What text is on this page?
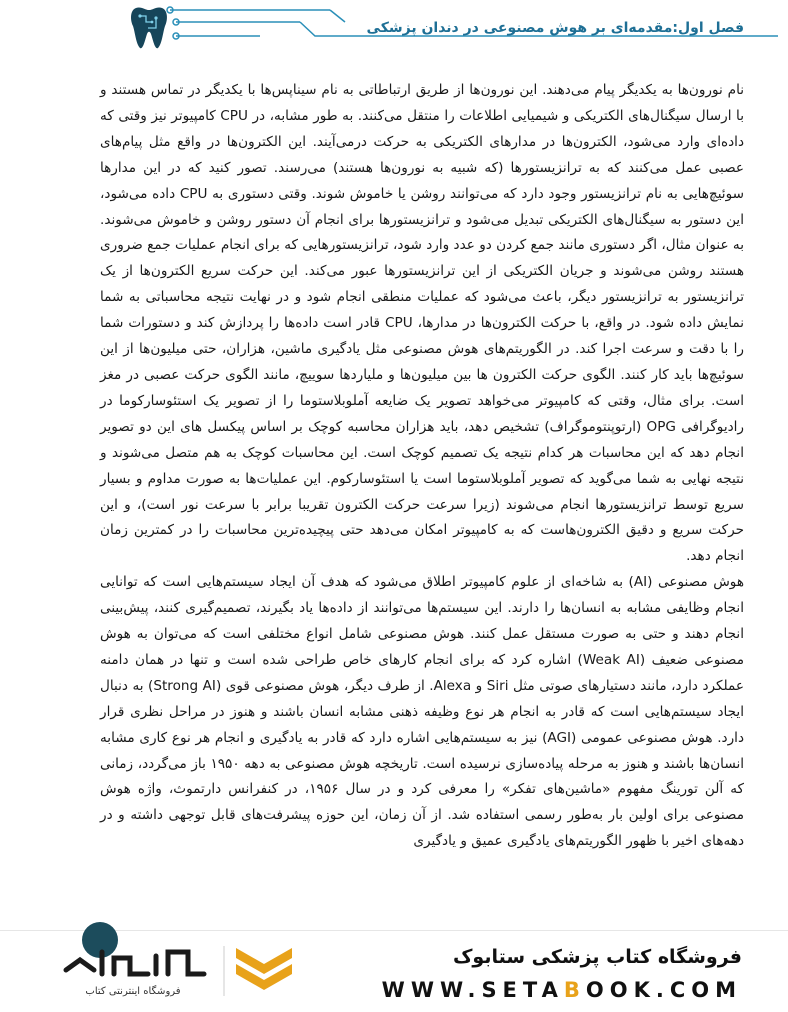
فصل اول:مقدمه‌ای بر هوش مصنوعی در دندان پزشکی

نام نورون‌ها به یکدیگر پیام می‌دهند. این نورون‌ها از طریق ارتباطاتی به نام سیناپس‌ها با یکدیگر در تماس هستند و با ارسال سیگنال‌های الکتریکی و شیمیایی اطلاعات را منتقل می‌کنند. به طور مشابه، در CPU کامپیوتر نیز وقتی که داده‌ای وارد می‌شود، الکترون‌ها در مدارهای الکتریکی به حرکت درمی‌آیند. این الکترون‌ها در واقع مثل پیام‌های عصبی عمل می‌کنند که به ترانزیستورها (که شبیه به نورون‌ها هستند) می‌رسند. تصور کنید که در این مدارها سوئیچ‌هایی به نام ترانزیستور وجود دارد که می‌توانند روشن یا خاموش شوند. وقتی دستوری به CPU داده می‌شود، این دستور به سیگنال‌های الکتریکی تبدیل می‌شود و ترانزیستورها برای انجام آن دستور روشن و خاموش می‌شوند. به عنوان مثال، اگر دستوری مانند جمع کردن دو عدد وارد شود، ترانزیستورهایی که برای انجام عملیات جمع ضروری هستند روشن می‌شوند و جریان الکتریکی از این ترانزیستورها عبور می‌کند. این حرکت سریع الکترون‌ها از یک ترانزیستور به ترانزیستور دیگر، باعث می‌شود که عملیات منطقی انجام شود و در نهایت نتیجه محاسباتی به شما نمایش داده شود. در واقع، با حرکت الکترون‌ها در مدارها، CPU قادر است داده‌ها را پردازش کند و دستورات شما را با دقت و سرعت اجرا کند. در الگوریتم‌های هوش مصنوعی مثل یادگیری ماشین، هزاران، حتی میلیون‌ها از این سوئیچ‌ها باید کار کنند. الگوی حرکت الکترون ها بین میلیون‌ها و ملیاردها سوییچ، مانند الگوی حرکت عصبی در مغز است. برای مثال، وقتی که کامپیوتر می‌خواهد تصویر یک ضایعه آملوبلاستوما را از تصویر یک استئوسارکوما در رادیوگرافی OPG (ارتوپنتوموگراف) تشخیص دهد، باید هزاران محاسبه کوچک بر اساس پیکسل های این دو تصویر انجام دهد که این محاسبات هر کدام نتیجه یک تصمیم کوچک است. این محاسبات کوچک به هم متصل می‌شوند و نتیجه نهایی به شما می‌گوید که تصویر آملوبلاستوما است یا استئوسارکوم. این عملیات‌ها به صورت مداوم و بسیار سریع توسط ترانزیستورها انجام می‌شوند (زیرا سرعت حرکت الکترون تقریبا برابر با سرعت نور است)، و این حرکت سریع و دقیق الکترون‌هاست که به کامپیوتر امکان می‌دهد حتی پیچیده‌ترین محاسبات را در کمترین زمان انجام دهد.

هوش مصنوعی (AI) به شاخه‌ای از علوم کامپیوتر اطلاق می‌شود که هدف آن ایجاد سیستم‌هایی است که توانایی انجام وظایفی مشابه به انسان‌ها را دارند. این سیستم‌ها می‌توانند از داده‌ها یاد بگیرند، تصمیم‌گیری کنند، پیش‌بینی انجام دهند و حتی به صورت مستقل عمل کنند. هوش مصنوعی شامل انواع مختلفی است که می‌توان به هوش مصنوعی ضعیف (Weak AI) اشاره کرد که برای انجام کارهای خاص طراحی شده است و تنها در همان دامنه عملکرد دارد، مانند دستیارهای صوتی مثل Siri و Alexa. از طرف دیگر، هوش مصنوعی قوی (Strong AI) به دنبال ایجاد سیستم‌هایی است که قادر به انجام هر نوع وظیفه ذهنی مشابه انسان باشند و هنوز در مراحل نظری قرار دارد. هوش مصنوعی عمومی (AGI) نیز به سیستم‌هایی اشاره دارد که قادر به یادگیری و انجام هر نوع کاری مشابه انسان‌ها باشند و هنوز به مرحله پیاده‌سازی نرسیده است. تاریخچه هوش مصنوعی به دهه ۱۹۵۰ باز می‌گردد، زمانی که آلن تورینگ مفهوم «ماشین‌های تفکر» را معرفی کرد و در سال ۱۹۵۶، در کنفرانس دارتموث، واژه هوش مصنوعی برای اولین بار به‌طور رسمی استفاده شد. از آن زمان، این حوزه پیشرفت‌های قابل توجهی داشته و در دهه‌های اخیر با ظهور الگوریتم‌های یادگیری عمیق و یادگیری

فروشگاه اینترنتی کتاب
فروشگاه کتاب پزشکی ستابوک
WWW.SETABOOK.COM
